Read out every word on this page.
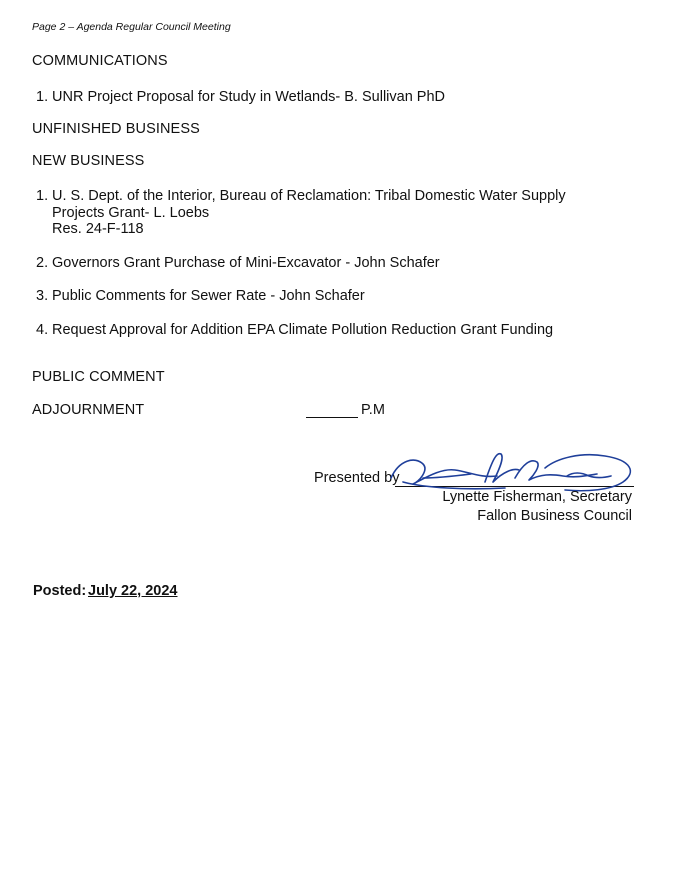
Page 2 – Agenda Regular Council Meeting
COMMUNICATIONS
1. UNR Project Proposal for Study in Wetlands- B. Sullivan PhD
UNFINISHED BUSINESS
NEW BUSINESS
1. U. S. Dept. of the Interior, Bureau of Reclamation: Tribal Domestic Water Supply
Projects Grant- L. Loebs
Res. 24-F-118
2. Governors Grant Purchase of Mini-Excavator - John Schafer
3. Public Comments for Sewer Rate - John Schafer
4. Request Approval for Addition EPA Climate Pollution Reduction Grant Funding
PUBLIC COMMENT
ADJOURNMENT	P.M
Presented by
Lynette Fisherman, Secretary
Fallon Business Council
Posted: July 22, 2024
